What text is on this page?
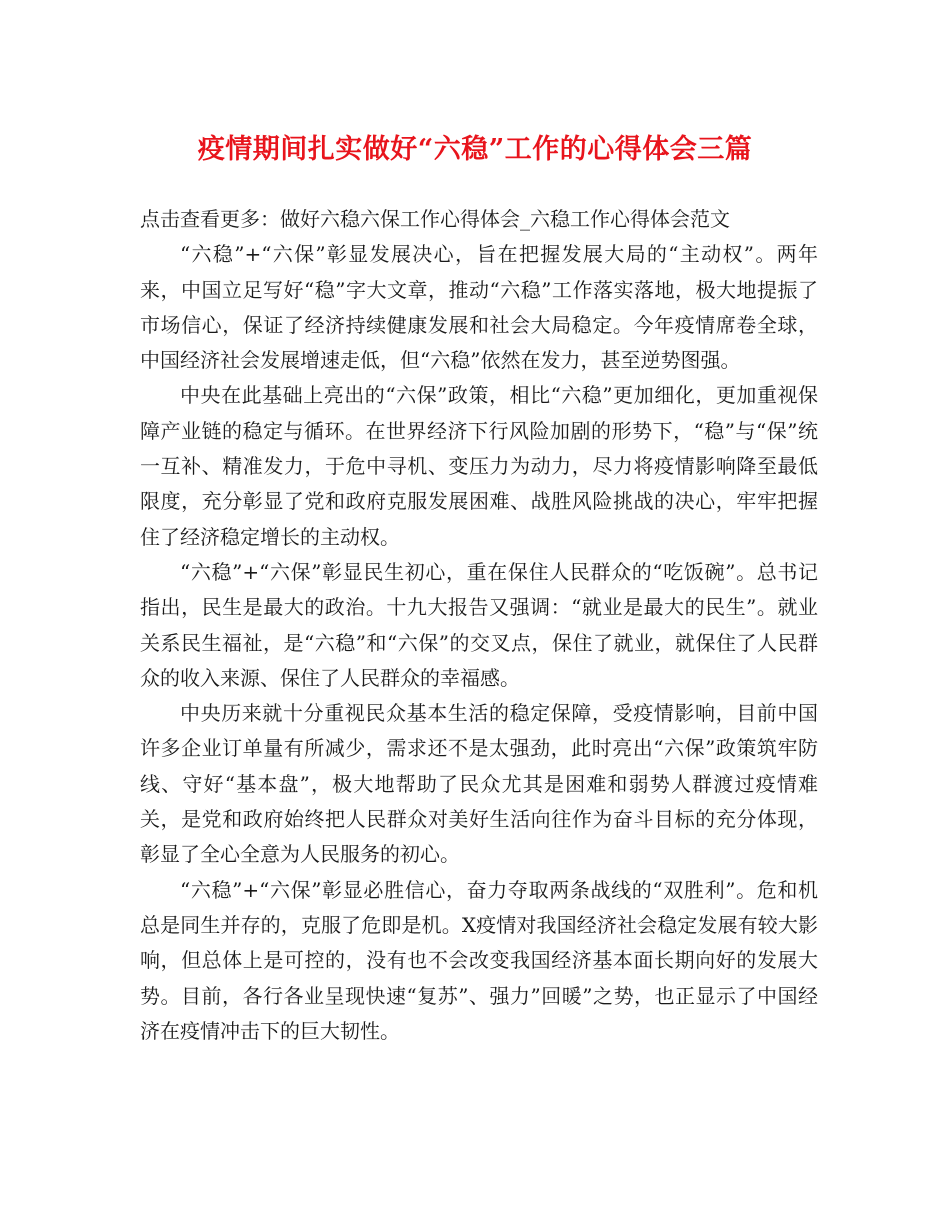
疫情期间扎实做好“六稳”工作的心得体会三篇

点击查看更多：做好六稳六保工作心得体会_六稳工作心得体会范文

“六稳”+“六保”彰显发展决心，旨在把握发展大局的“主动权”。两年来，中国立足写好“稳”字大文章，推动“六稳”工作落实落地，极大地提振了市场信心，保证了经济持续健康发展和社会大局稳定。今年疫情席卷全球，中国经济社会发展增速走低，但“六稳”依然在发力，甚至逆势图强。

中央在此基础上亮出的“六保”政策，相比“六稳”更加细化，更加重视保障产业链的稳定与循环。在世界经济下行风险加剧的形势下，“稳”与“保”统一互补、精准发力，于危中寻机、变压力为动力，尽力将疫情影响降至最低限度，充分彰显了党和政府克服发展困难、战胜风险挑战的决心，牢牢把握住了经济稳定增长的主动权。

“六稳”+“六保”彰显民生初心，重在保住人民群众的“吃饭碗”。总书记指出，民生是最大的政治。十九大报告又强调：“就业是最大的民生”。就业关系民生福祉，是“六稳”和“六保”的交叉点，保住了就业，就保住了人民群众的收入来源、保住了人民群众的幸福感。

中央历来就十分重视民众基本生活的稳定保障，受疫情影响，目前中国许多企业订单量有所减少，需求还不是太强劲，此时亮出“六保”政策筑牢防线、守好“基本盘”，极大地帮助了民众尤其是困难和弱势人群渡过疫情难关，是党和政府始终把人民群众对美好生活向往作为奋斗目标的充分体现，彰显了全心全意为人民服务的初心。

“六稳”+“六保”彰显必胜信心，奋力夺取两条战线的“双胜利”。危和机总是同生并存的，克服了危即是机。X疫情对我国经济社会稳定发展有较大影响，但总体上是可控的，没有也不会改变我国经济基本面长期向好的发展大势。目前，各行各业呈现快速“复苏”、强力”回暖”之势，也正显示了中国经济在疫情冲击下的巨大韧性。
